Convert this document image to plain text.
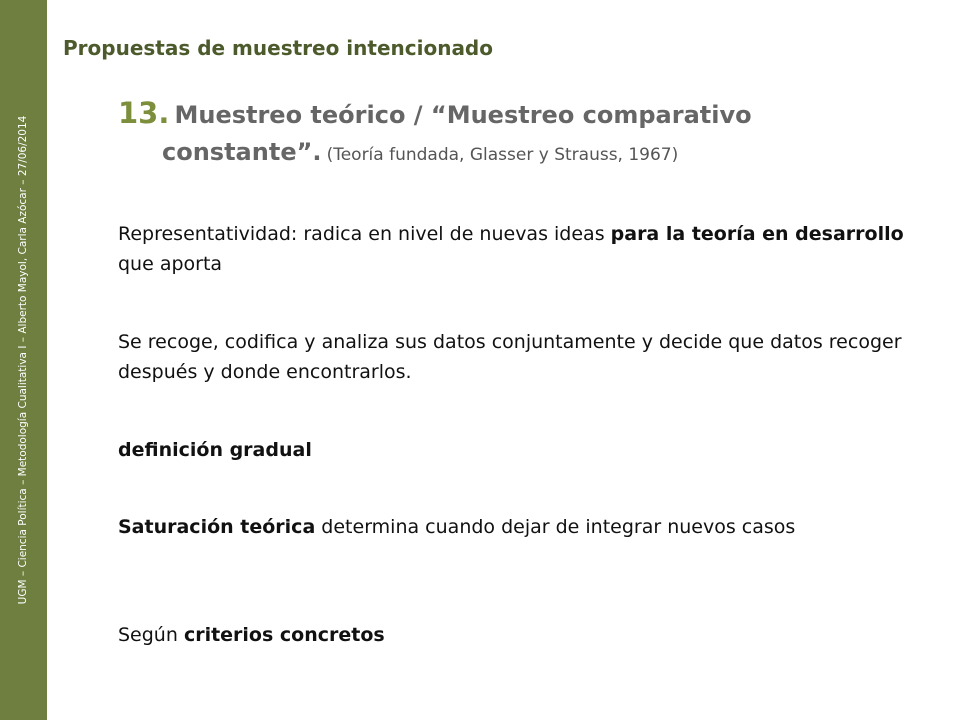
UGM – Ciencia Política – Metodología Cualitativa I – Alberto Mayol, Carla Azócar – 27/06/2014
Propuestas de muestreo intencionado
13. Muestreo teórico / “Muestreo comparativo
constante”. (Teoría fundada, Glasser y Strauss, 1967)
Representatividad: radica en nivel de nuevas ideas para la teoría en desarrollo que aporta
Se recoge, codifica y analiza sus datos conjuntamente y decide que datos recoger después y donde encontrarlos.
definición gradual
Saturación teórica determina cuando dejar de integrar nuevos casos
Según criterios concretos
